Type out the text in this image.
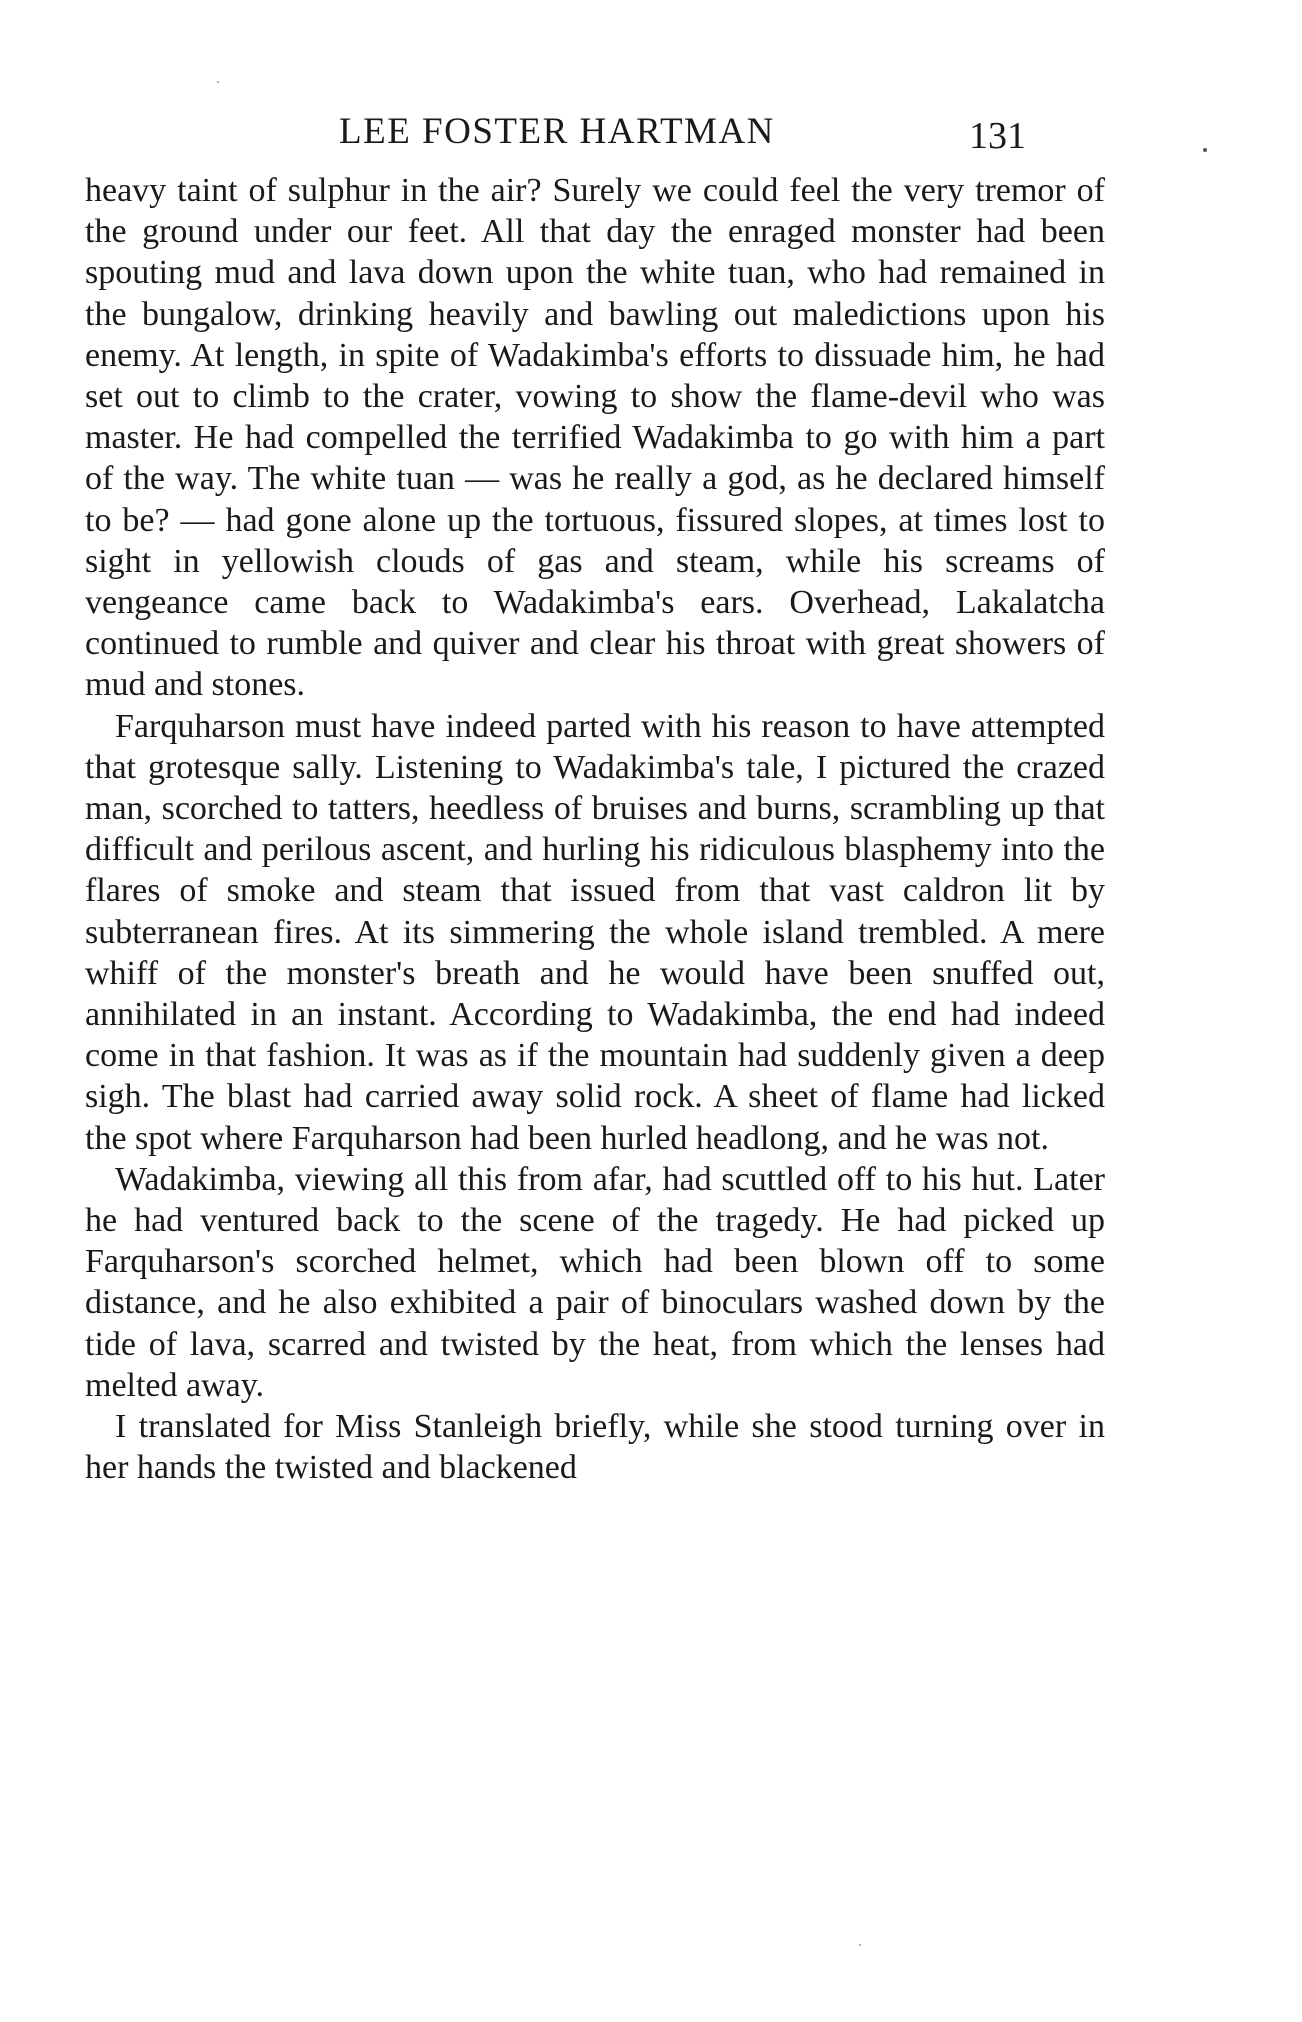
LEE FOSTER HARTMAN	131

heavy taint of sulphur in the air? Surely we could feel the very tremor of the ground under our feet. All that day the enraged monster had been spouting mud and lava down upon the white tuan, who had remained in the bungalow, drinking heavily and bawling out maledictions upon his enemy. At length, in spite of Wadakimba's efforts to dissuade him, he had set out to climb to the crater, vowing to show the flame-devil who was master. He had compelled the terrified Wadakimba to go with him a part of the way. The white tuan — was he really a god, as he declared himself to be? — had gone alone up the tortuous, fissured slopes, at times lost to sight in yellowish clouds of gas and steam, while his screams of vengeance came back to Wadakimba's ears. Overhead, Lakalatcha continued to rumble and quiver and clear his throat with great showers of mud and stones.

Farquharson must have indeed parted with his reason to have attempted that grotesque sally. Listening to Wadakimba's tale, I pictured the crazed man, scorched to tatters, heedless of bruises and burns, scrambling up that difficult and perilous ascent, and hurling his ridiculous blasphemy into the flares of smoke and steam that issued from that vast caldron lit by subterranean fires. At its simmering the whole island trembled. A mere whiff of the monster's breath and he would have been snuffed out, annihilated in an instant. According to Wadakimba, the end had indeed come in that fashion. It was as if the mountain had suddenly given a deep sigh. The blast had carried away solid rock. A sheet of flame had licked the spot where Farquharson had been hurled headlong, and he was not.

Wadakimba, viewing all this from afar, had scuttled off to his hut. Later he had ventured back to the scene of the tragedy. He had picked up Farquharson's scorched helmet, which had been blown off to some distance, and he also exhibited a pair of binoculars washed down by the tide of lava, scarred and twisted by the heat, from which the lenses had melted away.

I translated for Miss Stanleigh briefly, while she stood turning over in her hands the twisted and blackened
